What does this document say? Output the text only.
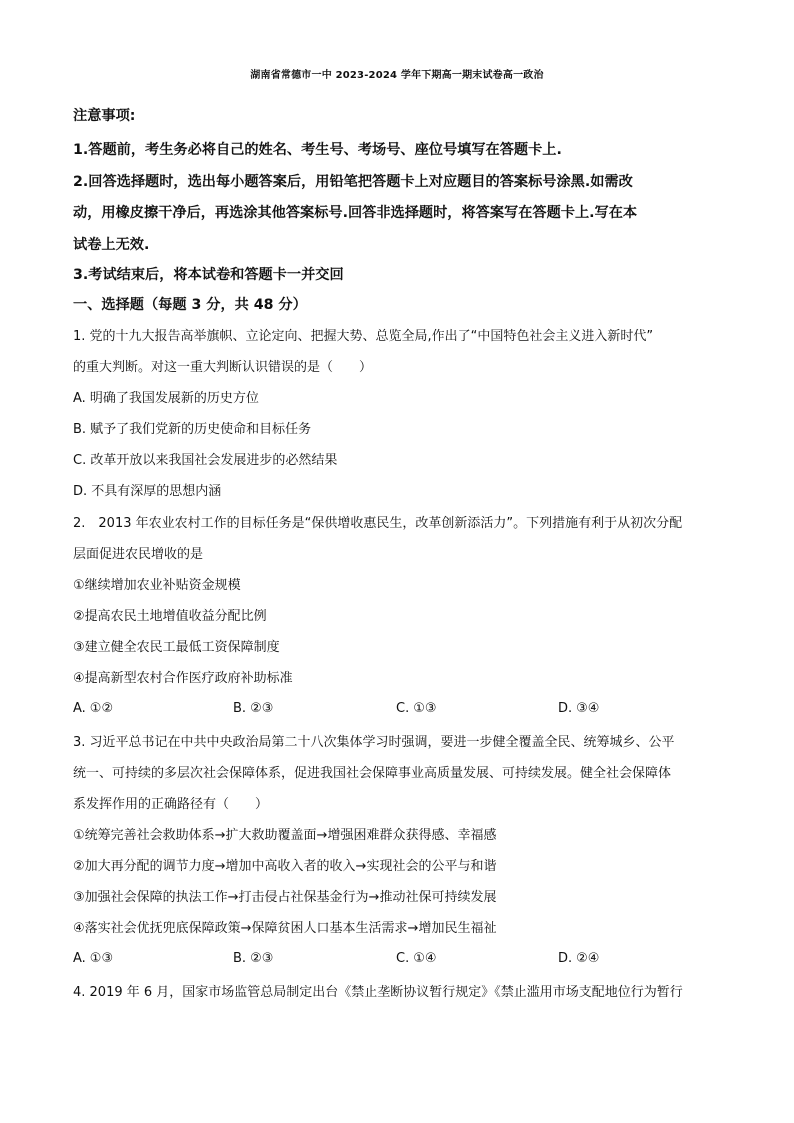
湖南省常德市一中 2023-2024 学年下期高一期末试卷高一政治
注意事项:
1.答题前，考生务必将自己的姓名、考生号、考场号、座位号填写在答题卡上.
2.回答选择题时，选出每小题答案后，用铅笔把答题卡上对应题目的答案标号涂黑.如需改
动，用橡皮擦干净后，再选涂其他答案标号.回答非选择题时，将答案写在答题卡上.写在本
试卷上无效.
3.考试结束后，将本试卷和答题卡一并交回
一、选择题（每题 3 分，共 48 分）
1. 党的十九大报告高举旗帜、立论定向、把握大势、总览全局,作出了“中国特色社会主义进入新时代”
的重大判断。对这一重大判断认识错误的是（　　）
A. 明确了我国发展新的历史方位
B. 赋予了我们党新的历史使命和目标任务
C. 改革开放以来我国社会发展进步的必然结果
D. 不具有深厚的思想内涵
2.　2013 年农业农村工作的目标任务是“保供增收惠民生，改革创新添活力”。下列措施有利于从初次分配
层面促进农民增收的是
①继续增加农业补贴资金规模
②提高农民土地增值收益分配比例
③建立健全农民工最低工资保障制度
④提高新型农村合作医疗政府补助标准
A. ①②	B. ②③	C. ①③	D. ③④
3. 习近平总书记在中共中央政治局第二十八次集体学习时强调，要进一步健全覆盖全民、统筹城乡、公平
统一、可持续的多层次社会保障体系，促进我国社会保障事业高质量发展、可持续发展。健全社会保障体
系发挥作用的正确路径有（　　）
①统筹完善社会救助体系→扩大救助覆盖面→增强困难群众获得感、幸福感
②加大再分配的调节力度→增加中高收入者的收入→实现社会的公平与和谐
③加强社会保障的执法工作→打击侵占社保基金行为→推动社保可持续发展
④落实社会优抚兜底保障政策→保障贫困人口基本生活需求→增加民生福祉
A. ①③	B. ②③	C. ①④	D. ②④
4. 2019 年 6 月，国家市场监管总局制定出台《禁止垄断协议暂行规定》《禁止滥用市场支配地位行为暂行
